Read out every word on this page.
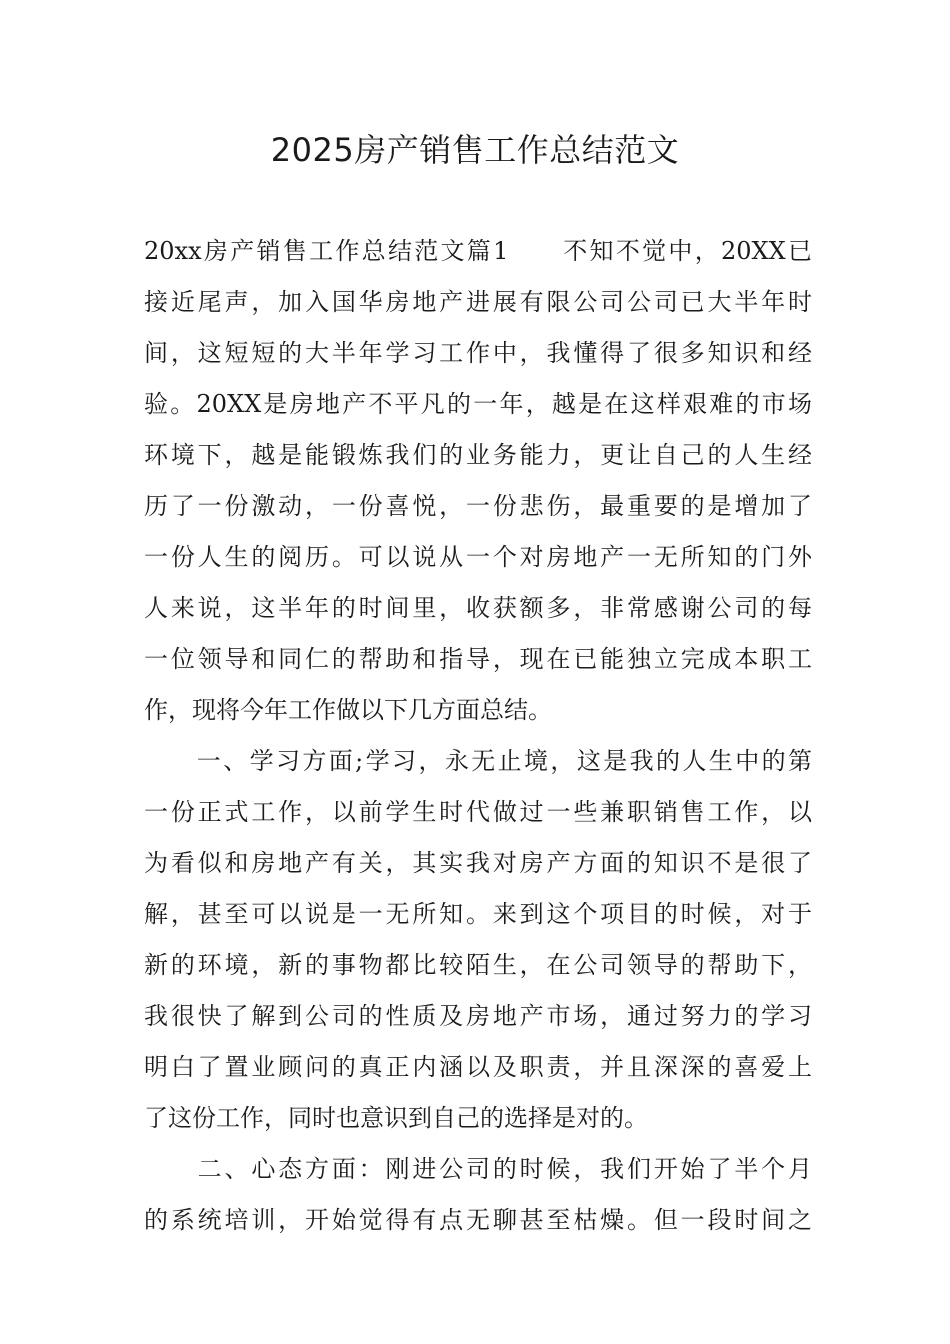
2025房产销售工作总结范文
20xx房产销售工作总结范文篇1　　不知不觉中，20XX已
接近尾声，加入国华房地产进展有限公司公司已大半年时
间，这短短的大半年学习工作中，我懂得了很多知识和经
验。20XX是房地产不平凡的一年，越是在这样艰难的市场
环境下，越是能锻炼我们的业务能力，更让自己的人生经
历了一份激动，一份喜悦，一份悲伤，最重要的是增加了
一份人生的阅历。可以说从一个对房地产一无所知的门外
人来说，这半年的时间里，收获额多，非常感谢公司的每
一位领导和同仁的帮助和指导，现在已能独立完成本职工
作，现将今年工作做以下几方面总结。
　　一、学习方面;学习，永无止境，这是我的人生中的第
一份正式工作，以前学生时代做过一些兼职销售工作，以
为看似和房地产有关，其实我对房产方面的知识不是很了
解，甚至可以说是一无所知。来到这个项目的时候，对于
新的环境，新的事物都比较陌生，在公司领导的帮助下，
我很快了解到公司的性质及房地产市场，通过努力的学习
明白了置业顾问的真正内涵以及职责，并且深深的喜爱上
了这份工作，同时也意识到自己的选择是对的。
　　二、心态方面：刚进公司的时候，我们开始了半个月
的系统培训，开始觉得有点无聊甚至枯燥。但一段时间之
